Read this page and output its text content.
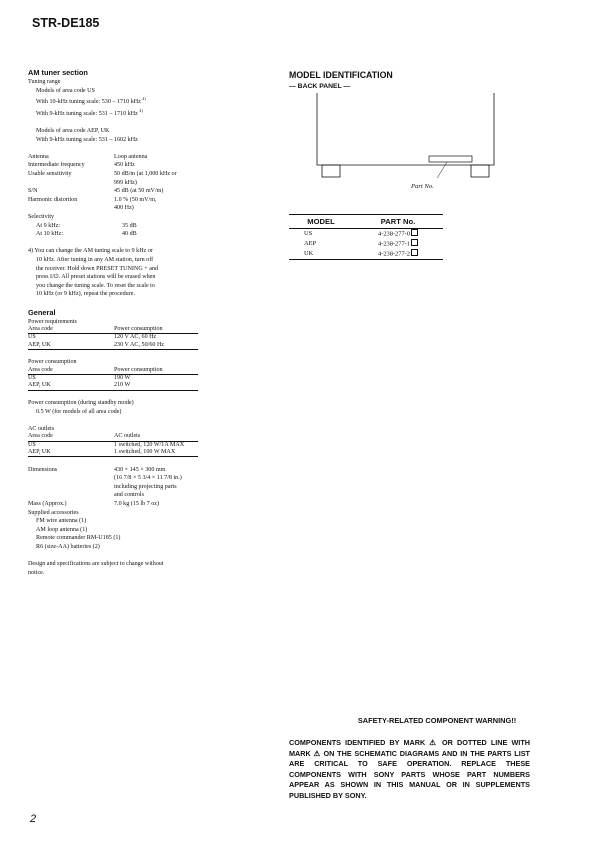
STR-DE185
AM tuner section
Tuning range
Models of area code US
With 10-kHz tuning scale: 530 – 1710 kHz $^{4)}$
With 9-kHz tuning scale: 531 – 1710 kHz $^{4)}$
Models of area code AEP, UK
With 9-kHz tuning scale: 531 – 1602 kHz
Antenna	Loop antenna
Intermediate frequency	450 kHz
Usable sensitivity	50 dB/m (at 1,000 kHz or
999 kHz)
S/N	45 dB (at 50 mV/m)
Harmonic distortion	1.0 % (50 mV/m,
400 Hz)
Selectivity
At 9 kHz:	35 dB
At 10 kHz:	40 dB
4) You can change the AM tuning scale to 9 kHz or
10 kHz. After tuning in any AM station, turn off
the receiver. Hold down PRESET TUNING + and
press I/⏻. All preset stations will be erased when
you change the tuning scale. To reset the scale to
10 kHz (or 9 kHz), repeat the procedure.
General
Power requirements
Area code	Power consumption
US	120 V AC, 60 Hz
AEP, UK	230 V AC, 50/60 Hz
Power consumption
Area code	Power consumption
US	190 W
AEP, UK	210 W
Power consumption (during standby mode)
0.5 W (for models of all area code)
AC outlets
Area code	AC outlets
US	1 switched, 120 W/1A MAX
AEP, UK	1 switched, 100 W MAX
Dimensions	430 × 145 × 300 mm
(16 7/8 × 5 3/4 × 11 7/8 in.)
including projecting parts
and controls
Mass (Approx.)	7.0 kg (15 lb 7 oz)
Supplied accessories
FM wire antenna (1)
AM loop antenna (1)
Remote commander RM-U185 (1)
R6 (size-AA) batteries (2)
Design and specifications are subject to change without
notice.
MODEL IDENTIFICATION
— BACK PANEL —
Part No.
MODEL	PART No.
US	4-238-277-0
AEP	4-238-277-1
UK	4-238-277-2
SAFETY-RELATED COMPONENT WARNING!!
COMPONENTS IDENTIFIED BY MARK ⚠ OR DOTTED LINE WITH MARK ⚠ ON THE SCHEMATIC DIAGRAMS AND IN THE PARTS LIST ARE CRITICAL TO SAFE OPERATION. REPLACE THESE COMPONENTS WITH SONY PARTS WHOSE PART NUMBERS APPEAR AS SHOWN IN THIS MANUAL OR IN SUPPLEMENTS PUBLISHED BY SONY.
2
